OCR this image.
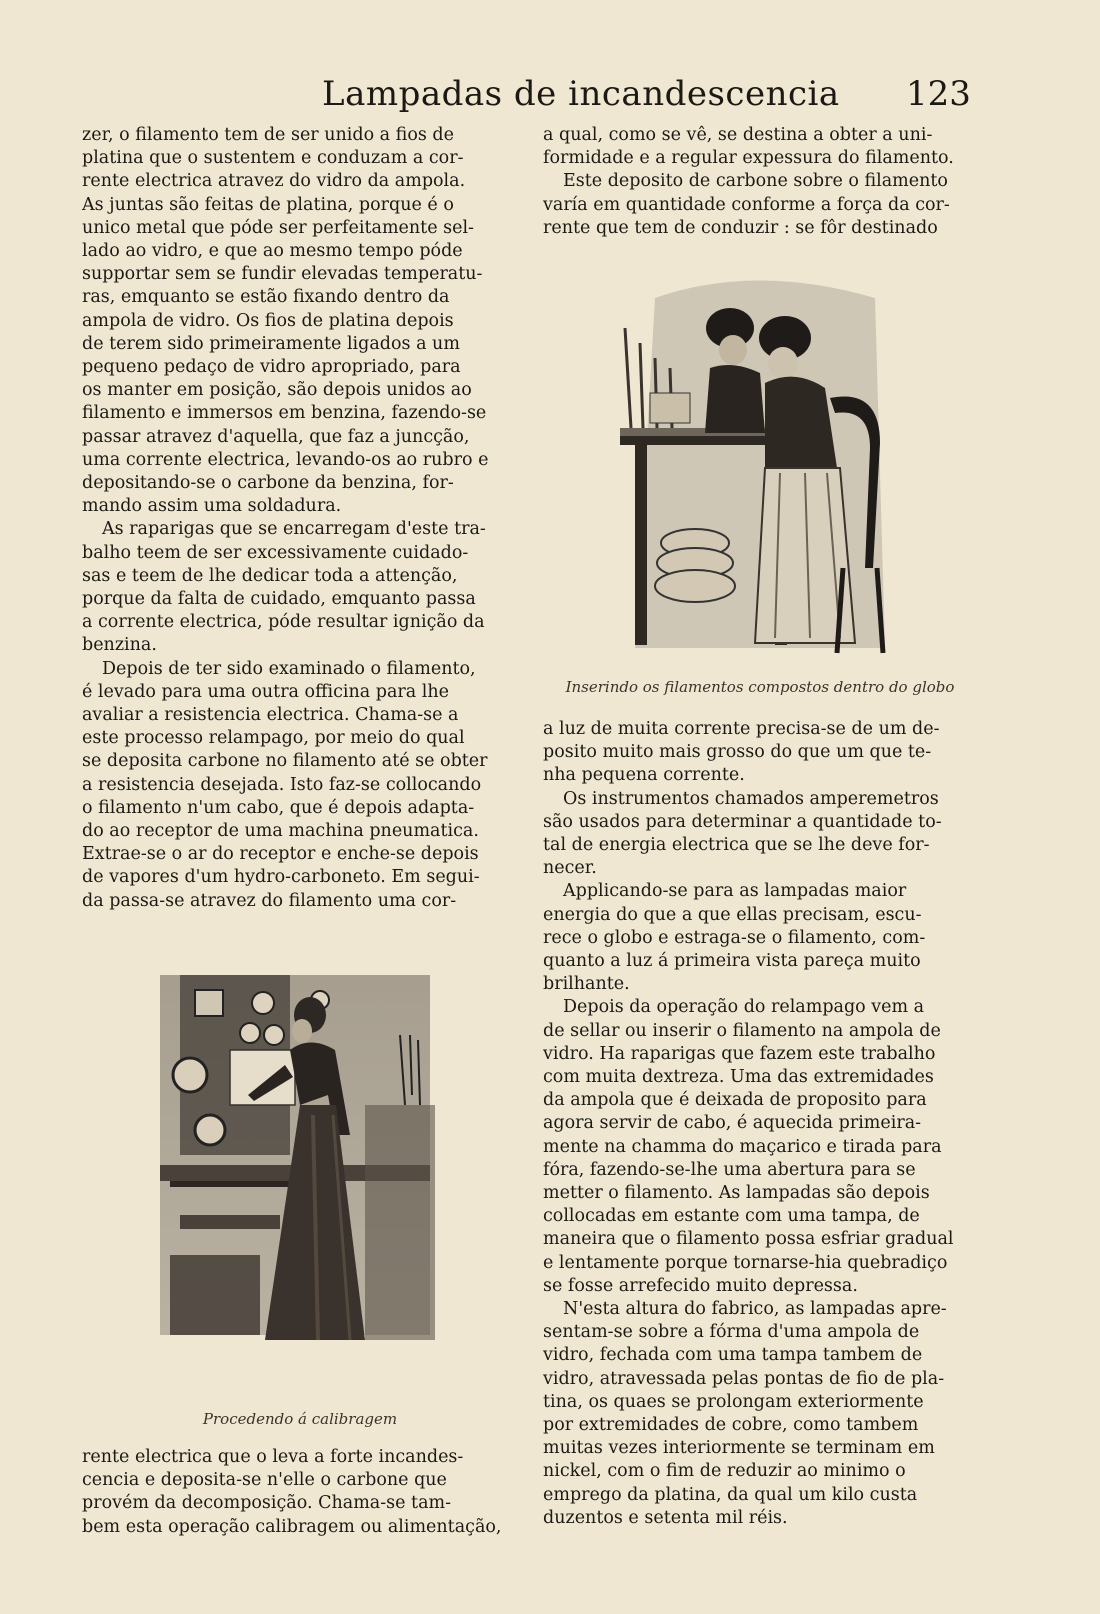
Lampadas de incandescencia 123
zer, o filamento tem de ser unido a fios de
platina que o sustentem e conduzam a cor-
rente electrica atravez do vidro da ampola.
As juntas são feitas de platina, porque é o
unico metal que póde ser perfeitamente sel-
lado ao vidro, e que ao mesmo tempo póde
supportar sem se fundir elevadas temperatu-
ras, emquanto se estão fixando dentro da
ampola de vidro. Os fios de platina depois
de terem sido primeiramente ligados a um
pequeno pedaço de vidro apropriado, para
os manter em posição, são depois unidos ao
filamento e immersos em benzina, fazendo-se
passar atravez d'aquella, que faz a juncção,
uma corrente electrica, levando-os ao rubro e
depositando-se o carbone da benzina, for-
mando assim uma soldadura.
As raparigas que se encarregam d'este tra-
balho teem de ser excessivamente cuidado-
sas e teem de lhe dedicar toda a attenção,
porque da falta de cuidado, emquanto passa
a corrente electrica, póde resultar ignição da
benzina.
Depois de ter sido examinado o filamento,
é levado para uma outra officina para lhe
avaliar a resistencia electrica. Chama-se a
este processo relampago, por meio do qual
se deposita carbone no filamento até se obter
a resistencia desejada. Isto faz-se collocando
o filamento n'um cabo, que é depois adapta-
do ao receptor de uma machina pneumatica.
Extrae-se o ar do receptor e enche-se depois
de vapores d'um hydro-carboneto. Em segui-
da passa-se atravez do filamento uma cor-
Procedendo á calibragem
rente electrica que o leva a forte incandes-
cencia e deposita-se n'elle o carbone que
provém da decomposição. Chama-se tam-
bem esta operação calibragem ou alimentação,
a qual, como se vê, se destina a obter a uni-
formidade e a regular expessura do filamento.
Este deposito de carbone sobre o filamento
varía em quantidade conforme a força da cor-
rente que tem de conduzir : se fôr destinado
Inserindo os filamentos compostos dentro do globo
a luz de muita corrente precisa-se de um de-
posito muito mais grosso do que um que te-
nha pequena corrente.
Os instrumentos chamados amperemetros
são usados para determinar a quantidade to-
tal de energia electrica que se lhe deve for-
necer.
Applicando-se para as lampadas maior
energia do que a que ellas precisam, escu-
rece o globo e estraga-se o filamento, com-
quanto a luz á primeira vista pareça muito
brilhante.
Depois da operação do relampago vem a
de sellar ou inserir o filamento na ampola de
vidro. Ha raparigas que fazem este trabalho
com muita dextreza. Uma das extremidades
da ampola que é deixada de proposito para
agora servir de cabo, é aquecida primeira-
mente na chamma do maçarico e tirada para
fóra, fazendo-se-lhe uma abertura para se
metter o filamento. As lampadas são depois
collocadas em estante com uma tampa, de
maneira que o filamento possa esfriar gradual
e lentamente porque tornarse-hia quebradiço
se fosse arrefecido muito depressa.
N'esta altura do fabrico, as lampadas apre-
sentam-se sobre a fórma d'uma ampola de
vidro, fechada com uma tampa tambem de
vidro, atravessada pelas pontas de fio de pla-
tina, os quaes se prolongam exteriormente
por extremidades de cobre, como tambem
muitas vezes interiormente se terminam em
nickel, com o fim de reduzir ao minimo o
emprego da platina, da qual um kilo custa
duzentos e setenta mil réis.
